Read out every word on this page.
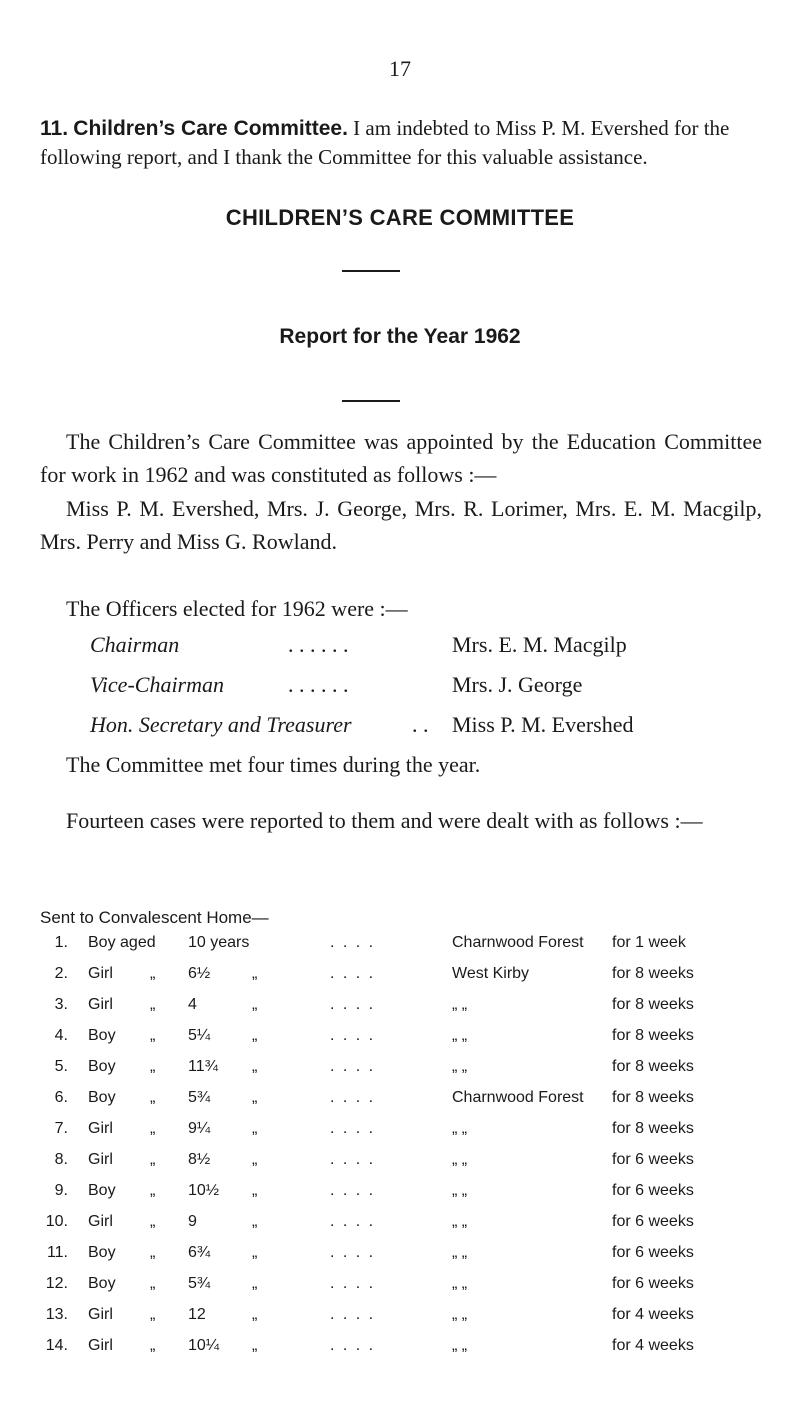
17
11. Children’s Care Committee. I am indebted to Miss P. M. Evershed for the following report, and I thank the Committee for this valuable assistance.
CHILDREN’S CARE COMMITTEE
Report for the Year 1962
The Children’s Care Committee was appointed by the Education Committee for work in 1962 and was constituted as follows :—
Miss P. M. Evershed, Mrs. J. George, Mrs. R. Lorimer, Mrs. E. M. Macgilp, Mrs. Perry and Miss G. Rowland.
The Officers elected for 1962 were :—
Chairman	. . . . . .	Mrs. E. M. Macgilp
Vice-Chairman	. . . . . .	Mrs. J. George
Hon. Secretary and Treasurer	. . Miss P. M. Evershed
The Committee met four times during the year.
Fourteen cases were reported to them and were dealt with as follows :—
Sent to Convalescent Home—
1. Boy aged 10 years	. . . .	Charnwood Forest for 1 week
2. Girl „ 6½	„	. . . .	West Kirby	for 8 weeks
3. Girl „ 4	„	. . . .	„ „	for 8 weeks
4. Boy „ 5¼	„	. . . .	„ „	for 8 weeks
5. Boy „ 11¾ „	. . . .	„ „	for 8 weeks
6. Boy „ 5¾	„	. . . .	Charnwood Forest for 8 weeks
7. Girl „ 9¼	„	. . . .	„ „	for 8 weeks
8. Girl „ 8½	„	. . . .	„ „	for 6 weeks
9. Boy „ 10½ „	. . . .	„ „	for 6 weeks
10. Girl „ 9	„	. . . .	„ „	for 6 weeks
11. Boy „ 6¾	„	. . . .	„ „	for 6 weeks
12. Boy „ 5¾	„	. . . .	„ „	for 6 weeks
13. Girl „ 12	„	. . . .	„ „	for 4 weeks
14. Girl „ 10¼ „	. . . .	„ „	for 4 weeks
